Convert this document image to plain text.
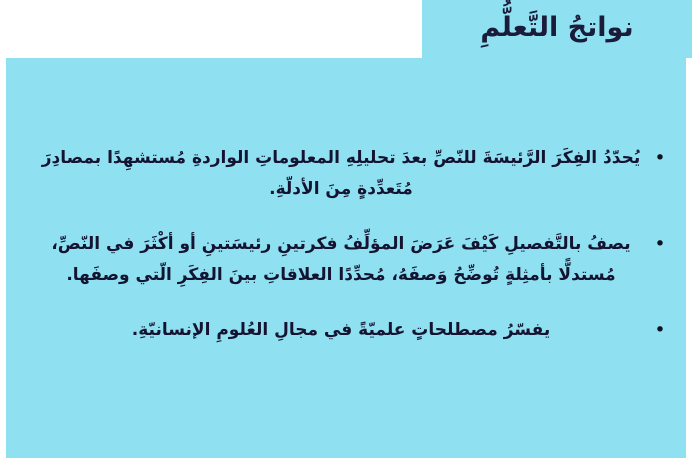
نواتجُ التَّعلُّمِ
•
يُحدّدُ الفِكَرَ الرَّئيسَةَ للنّصِّ بعدَ تحليلِهِ المعلوماتِ الواردةِ مُستشهِدًا بمصادِرَ مُتَعدِّدةٍ مِنَ الأدلّةِ.
•
يصفُ بالتَّفصيلِ كَيْفَ عَرَضَ المؤلِّفُ فكرتينِ رئيسَتينِ أو أكْثَرَ في النّصِّ، مُستدلًّا بأمثِلةٍ تُوضِّحُ وَصفَهُ، مُحدِّدًا العلاقاتِ بينَ الفِكَرِ الّتي وصفَها.
•
يفسّرُ مصطلحاتٍ علميّةً في مجالِ العُلومِ الإنسانيّةِ.
